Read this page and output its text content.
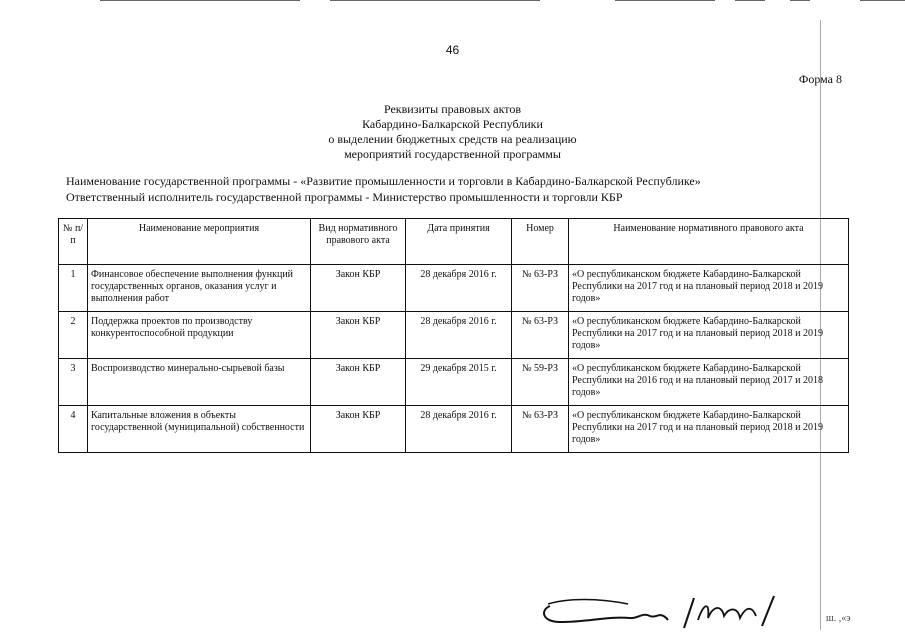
46
Форма 8
Реквизиты правовых актов
Кабардино-Балкарской Республики
о выделении бюджетных средств на реализацию
мероприятий государственной программы
Наименование государственной программы - «Развитие промышленности и торговли в Кабардино-Балкарской Республике»
Ответственный исполнитель государственной программы - Министерство промышленности и торговли КБР
№ п/п	Наименование мероприятия	Вид нормативного правового акта	Дата принятия	Номер	Наименование нормативного правового акта
1	Финансовое обеспечение выполнения функций государственных органов, оказания услуг и выполнения работ	Закон КБР	28 декабря 2016 г.	№ 63-РЗ	«О республиканском бюджете Кабардино-Балкарской Республики на 2017 год и на плановый период 2018 и 2019 годов»
2	Поддержка проектов по производству конкурентоспособной продукции	Закон КБР	28 декабря 2016 г.	№ 63-РЗ	«О республиканском бюджете Кабардино-Балкарской Республики на 2017 год и на плановый период 2018 и 2019 годов»
3	Воспроизводство минерально-сырьевой базы	Закон КБР	29 декабря 2015 г.	№ 59-РЗ	«О республиканском бюджете Кабардино-Балкарской Республики на 2016 год и на плановый период 2017 и 2018 годов»
4	Капитальные вложения в объекты государственной (муниципальной) собственности	Закон КБР	28 декабря 2016 г.	№ 63-РЗ	«О республиканском бюджете Кабардино-Балкарской Республики на 2017 год и на плановый период 2018 и 2019 годов»
ш. ,«э
